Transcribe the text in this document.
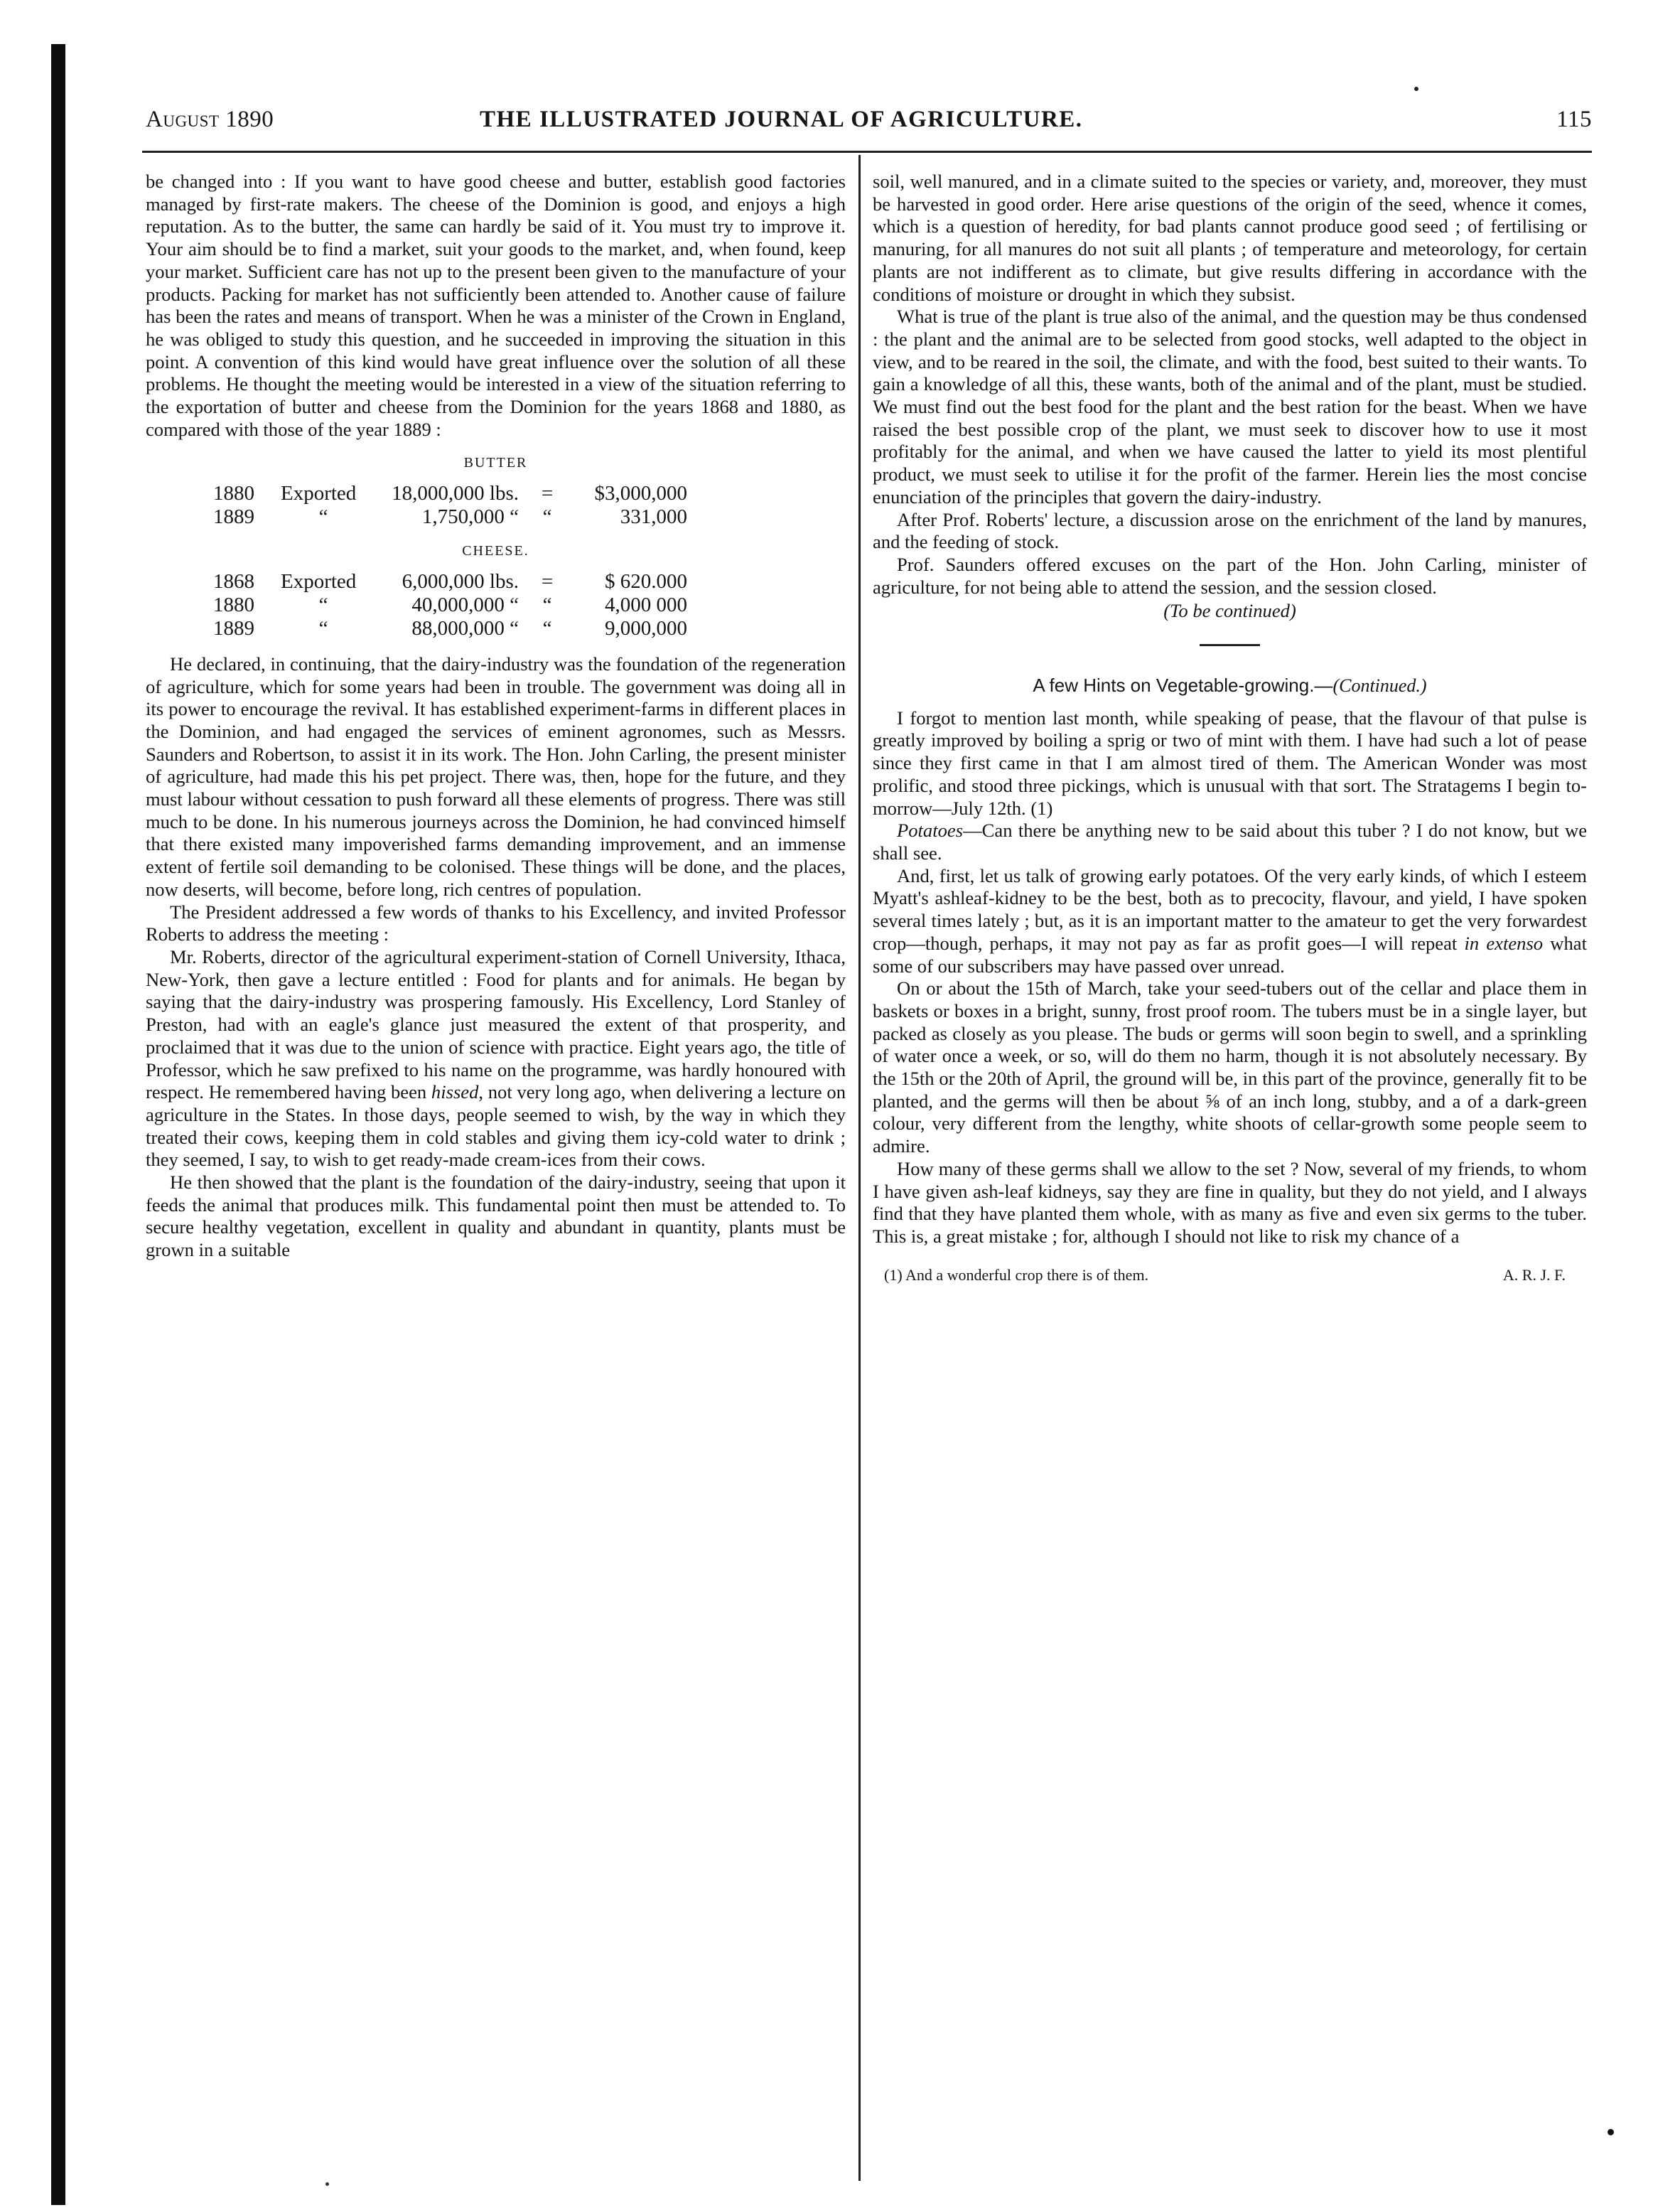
August 1890	THE ILLUSTRATED JOURNAL OF AGRICULTURE.	115

be changed into : If you want to have good cheese and butter, establish good factories managed by first-rate makers. The cheese of the Dominion is good, and enjoys a high reputation. As to the butter, the same can hardly be said of it. You must try to improve it. Your aim should be to find a market, suit your goods to the market, and, when found, keep your market. Sufficient care has not up to the present been given to the manufacture of your products. Packing for market has not sufficiently been attended to. Another cause of failure has been the rates and means of transport. When he was a minister of the Crown in England, he was obliged to study this question, and he succeeded in improving the situation in this point. A convention of this kind would have great influence over the solution of all these problems. He thought the meeting would be interested in a view of the situation referring to the exportation of butter and cheese from the Dominion for the years 1868 and 1880, as compared with those of the year 1889 :

BUTTER
1880	Exported	18,000,000 lbs.	=	$3,000,000
1889	“	1,750,000 “	“	331,000
CHEESE.
1868	Exported	6,000,000 lbs.	=	$ 620.000
1880	“	40,000,000 “	“	4,000 000
1889	“	88,000,000 “	“	9,000,000

He declared, in continuing, that the dairy-industry was the foundation of the regeneration of agriculture, which for some years had been in trouble. The government was doing all in its power to encourage the revival. It has established experiment-farms in different places in the Dominion, and had engaged the services of eminent agronomes, such as Messrs. Saunders and Robertson, to assist it in its work. The Hon. John Carling, the present minister of agriculture, had made this his pet project. There was, then, hope for the future, and they must labour without cessation to push forward all these elements of progress. There was still much to be done. In his numerous journeys across the Dominion, he had convinced himself that there existed many impoverished farms demanding improvement, and an immense extent of fertile soil demanding to be colonised. These things will be done, and the places, now deserts, will become, before long, rich centres of population.

The President addressed a few words of thanks to his Excellency, and invited Professor Roberts to address the meeting :

Mr. Roberts, director of the agricultural experiment-station of Cornell University, Ithaca, New-York, then gave a lecture entitled : Food for plants and for animals. He began by saying that the dairy-industry was prospering famously. His Excellency, Lord Stanley of Preston, had with an eagle's glance just measured the extent of that prosperity, and proclaimed that it was due to the union of science with practice. Eight years ago, the title of Professor, which he saw prefixed to his name on the programme, was hardly honoured with respect. He remembered having been hissed, not very long ago, when delivering a lecture on agriculture in the States. In those days, people seemed to wish, by the way in which they treated their cows, keeping them in cold stables and giving them icy-cold water to drink ; they seemed, I say, to wish to get ready-made cream-ices from their cows.

He then showed that the plant is the foundation of the dairy-industry, seeing that upon it feeds the animal that produces milk. This fundamental point then must be attended to. To secure healthy vegetation, excellent in quality and abundant in quantity, plants must be grown in a suitable

soil, well manured, and in a climate suited to the species or variety, and, moreover, they must be harvested in good order. Here arise questions of the origin of the seed, whence it comes, which is a question of heredity, for bad plants cannot produce good seed ; of fertilising or manuring, for all manures do not suit all plants ; of temperature and meteorology, for certain plants are not indifferent as to climate, but give results differing in accordance with the conditions of moisture or drought in which they subsist.

What is true of the plant is true also of the animal, and the question may be thus condensed : the plant and the animal are to be selected from good stocks, well adapted to the object in view, and to be reared in the soil, the climate, and with the food, best suited to their wants. To gain a knowledge of all this, these wants, both of the animal and of the plant, must be studied. We must find out the best food for the plant and the best ration for the beast. When we have raised the best possible crop of the plant, we must seek to discover how to use it most profitably for the animal, and when we have caused the latter to yield its most plentiful product, we must seek to utilise it for the profit of the farmer. Herein lies the most concise enunciation of the principles that govern the dairy-industry.

After Prof. Roberts' lecture, a discussion arose on the enrichment of the land by manures, and the feeding of stock.

Prof. Saunders offered excuses on the part of the Hon. John Carling, minister of agriculture, for not being able to attend the session, and the session closed.

(To be continued)
A few Hints on Vegetable-growing.—(Continued.)

I forgot to mention last month, while speaking of pease, that the flavour of that pulse is greatly improved by boiling a sprig or two of mint with them. I have had such a lot of pease since they first came in that I am almost tired of them. The American Wonder was most prolific, and stood three pickings, which is unusual with that sort. The Stratagems I begin to-morrow—July 12th. (1)

Potatoes—Can there be anything new to be said about this tuber ? I do not know, but we shall see.

And, first, let us talk of growing early potatoes. Of the very early kinds, of which I esteem Myatt's ashleaf-kidney to be the best, both as to precocity, flavour, and yield, I have spoken several times lately ; but, as it is an important matter to the amateur to get the very forwardest crop—though, perhaps, it may not pay as far as profit goes—I will repeat in extenso what some of our subscribers may have passed over unread.

On or about the 15th of March, take your seed-tubers out of the cellar and place them in baskets or boxes in a bright, sunny, frost proof room. The tubers must be in a single layer, but packed as closely as you please. The buds or germs will soon begin to swell, and a sprinkling of water once a week, or so, will do them no harm, though it is not absolutely necessary. By the 15th or the 20th of April, the ground will be, in this part of the province, generally fit to be planted, and the germs will then be about ⅝ of an inch long, stubby, and a of a dark-green colour, very different from the lengthy, white shoots of cellar-growth some people seem to admire.

How many of these germs shall we allow to the set ? Now, several of my friends, to whom I have given ash-leaf kidneys, say they are fine in quality, but they do not yield, and I always find that they have planted them whole, with as many as five and even six germs to the tuber. This is, a great mistake ; for, although I should not like to risk my chance of a

(1) And a wonderful crop there is of them.	A. R. J. F.
